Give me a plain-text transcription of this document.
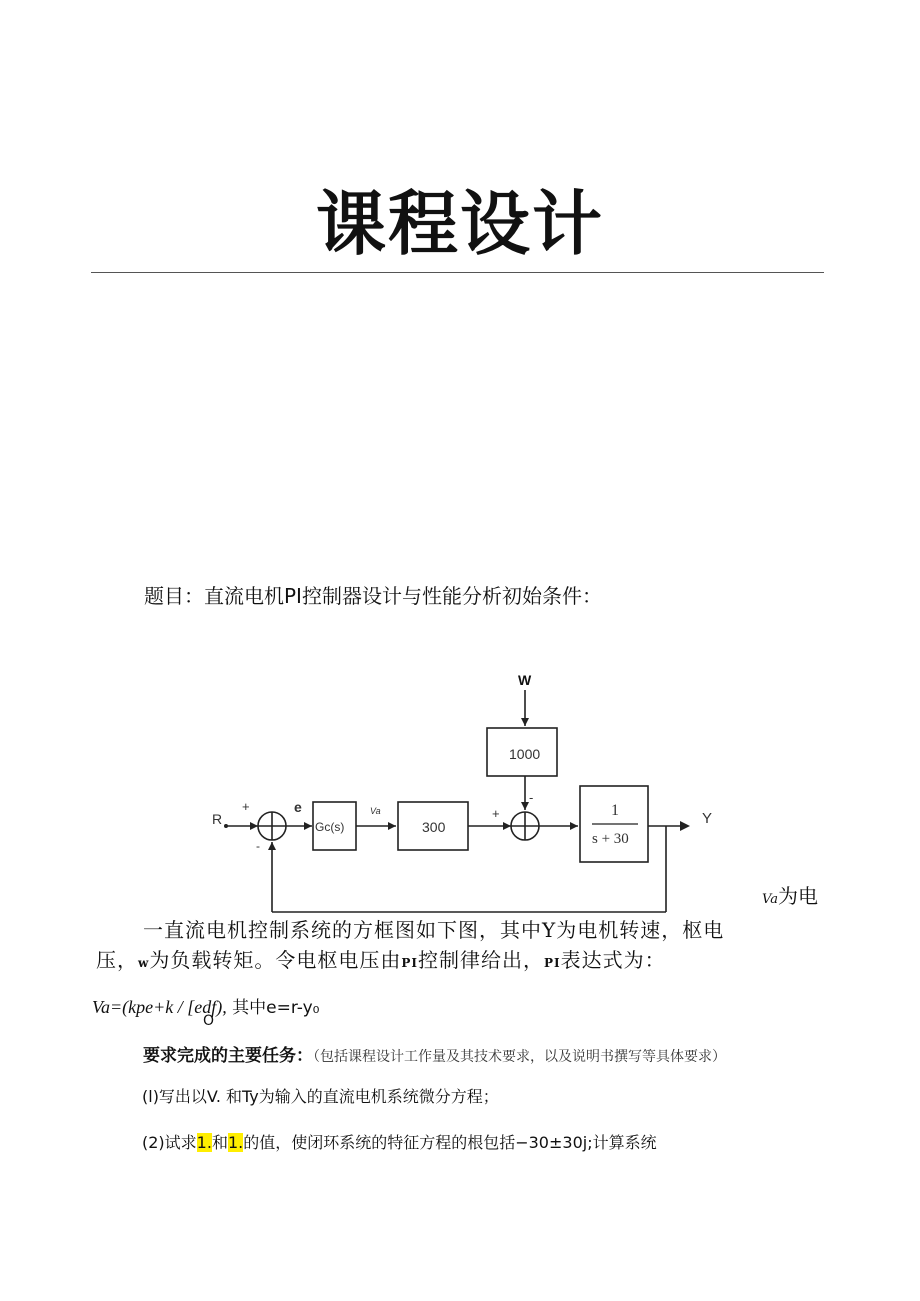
课程设计
题目：直流电机PI控制器设计与性能分析初始条件：
R
+
-
e
Gc(s)
Va
300
+
-
W
1000
1
s + 30
Y
Va为电
一直流电机控制系统的方框图如下图，其中Y为电机转速，枢电
压，w为负载转矩。令电枢电压由PI控制律给出，PI表达式为：
Va=(kpe+k / [edf), 其中e=r-y₀
O
要求完成的主要任务：（包括课程设计工作量及其技术要求，以及说明书撰写等具体要求）
(l)写出以V. 和Ty为输入的直流电机系统微分方程；
(2)试求1.和1.的值，使闭环系统的特征方程的根包括−30±30j;计算系统
